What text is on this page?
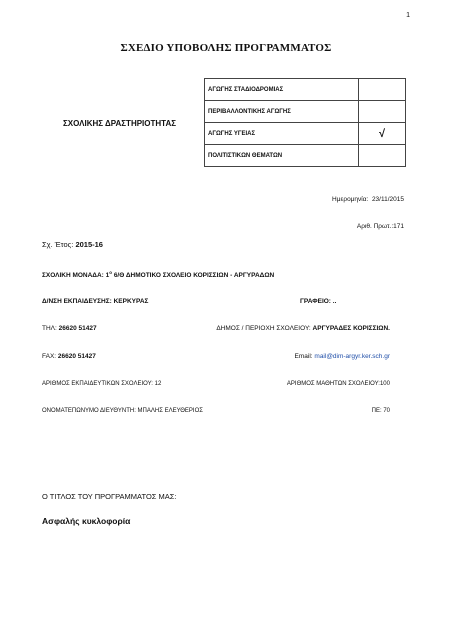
1
ΣΧΕΔΙΟ ΥΠΟΒΟΛΗΣ ΠΡΟΓΡΑΜΜΑΤΟΣ
ΣΧΟΛΙΚΗΣ ΔΡΑΣΤΗΡΙΟΤΗΤΑΣ
ΑΓΩΓΗΣ ΣΤΑΔΙΟΔΡΟΜΙΑΣ	
ΠΕΡΙΒΑΛΛΟΝΤΙΚΗΣ ΑΓΩΓΗΣ	
ΑΓΩΓΗΣ ΥΓΕΙΑΣ	√
ΠΟΛΙΤΙΣΤΙΚΩΝ ΘΕΜΑΤΩΝ	
Ημερομηνία: 23/11/2015
Αριθ. Πρωτ.:171
Σχ. Έτος: 2015-16
ΣΧΟΛΙΚΗ ΜΟΝΑΔΑ: $1^o$ 6/Θ ΔΗΜΟΤΙΚΟ ΣΧΟΛΕΙΟ ΚΟΡΙΣΣΙΩΝ - ΑΡΓΥΡΑΔΩΝ
Δ/ΝΣΗ ΕΚΠΑΙΔΕΥΣΗΣ: ΚΕΡΚΥΡΑΣ	ΓΡΑΦΕΙΟ: ..
ΤΗΛ: 26620 51427	ΔΗΜΟΣ / ΠΕΡΙΟΧΗ ΣΧΟΛΕΙΟΥ: ΑΡΓΥΡΑΔΕΣ ΚΟΡΙΣΣΙΩΝ.
FAX: 26620 51427	Email: mail@dim-argyr.ker.sch.gr
ΑΡΙΘΜΟΣ ΕΚΠΑΙΔΕΥΤΙΚΩΝ ΣΧΟΛΕΙΟΥ: 12	ΑΡΙΘΜΟΣ ΜΑΘΗΤΩΝ ΣΧΟΛΕΙΟΥ:100
ΟΝΟΜΑΤΕΠΩΝΥΜΟ ΔΙΕΥΘΥΝΤΗ: ΜΠΑΛΗΣ ΕΛΕΥΘΕΡΙΟΣ	ΠΕ: 70
Ο ΤΙΤΛΟΣ ΤΟΥ ΠΡΟΓΡΑΜΜΑΤΟΣ ΜΑΣ:
Ασφαλής κυκλοφορία
